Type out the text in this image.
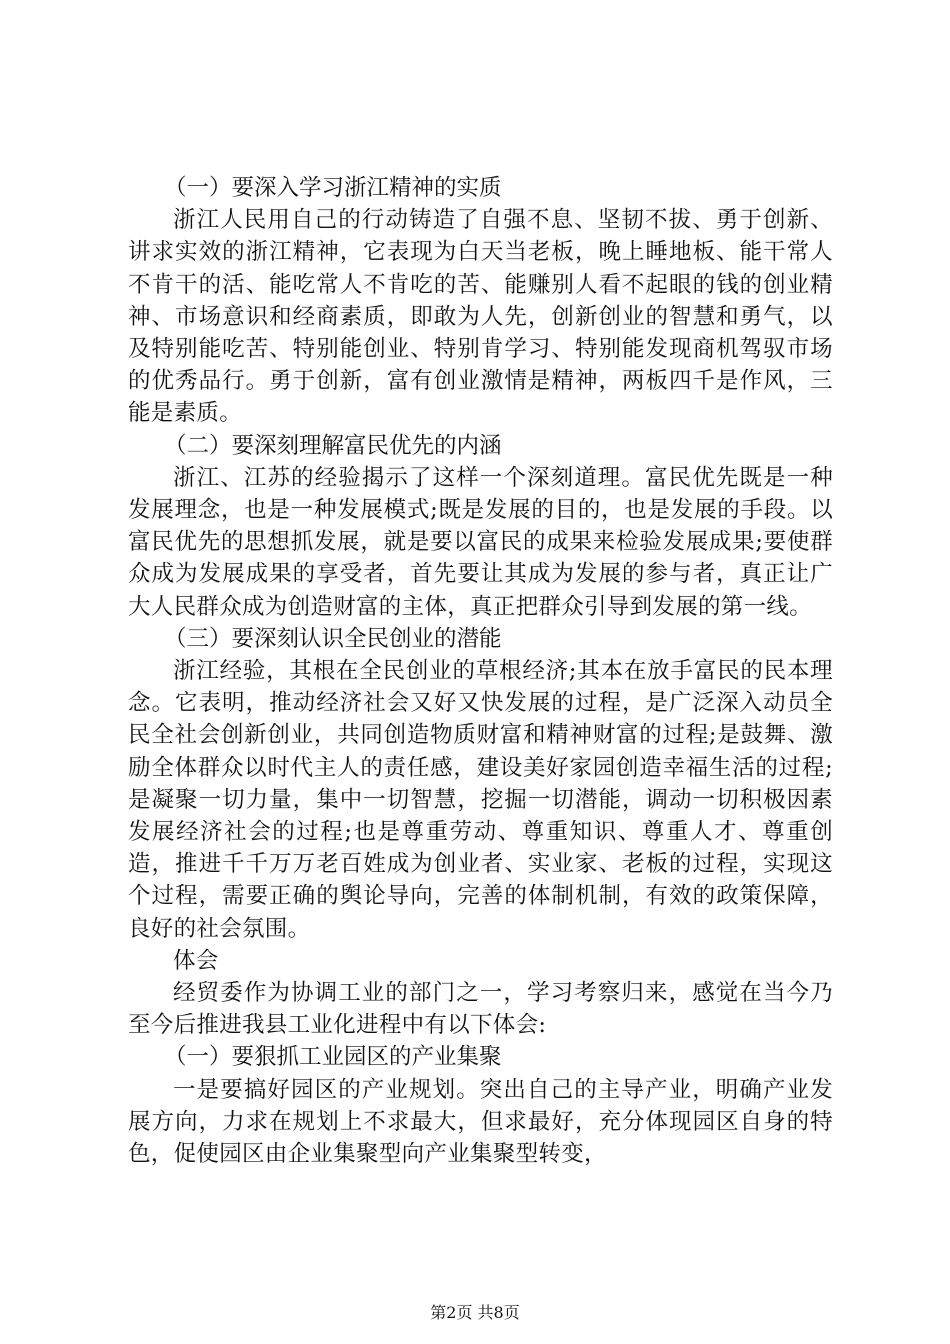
（一）要深入学习浙江精神的实质

浙江人民用自己的行动铸造了自强不息、坚韧不拔、勇于创新、讲求实效的浙江精神，它表现为白天当老板，晚上睡地板、能干常人不肯干的活、能吃常人不肯吃的苦、能赚别人看不起眼的钱的创业精神、市场意识和经商素质，即敢为人先，创新创业的智慧和勇气，以及特别能吃苦、特别能创业、特别肯学习、特别能发现商机驾驭市场的优秀品行。勇于创新，富有创业激情是精神，两板四千是作风，三能是素质。

（二）要深刻理解富民优先的内涵

浙江、江苏的经验揭示了这样一个深刻道理。富民优先既是一种发展理念，也是一种发展模式;既是发展的目的，也是发展的手段。以富民优先的思想抓发展，就是要以富民的成果来检验发展成果;要使群众成为发展成果的享受者，首先要让其成为发展的参与者，真正让广大人民群众成为创造财富的主体，真正把群众引导到发展的第一线。

（三）要深刻认识全民创业的潜能

浙江经验，其根在全民创业的草根经济;其本在放手富民的民本理念。它表明，推动经济社会又好又快发展的过程，是广泛深入动员全民全社会创新创业，共同创造物质财富和精神财富的过程;是鼓舞、激励全体群众以时代主人的责任感，建设美好家园创造幸福生活的过程;是凝聚一切力量，集中一切智慧，挖掘一切潜能，调动一切积极因素发展经济社会的过程;也是尊重劳动、尊重知识、尊重人才、尊重创造，推进千千万万老百姓成为创业者、实业家、老板的过程，实现这个过程，需要正确的舆论导向，完善的体制机制，有效的政策保障，良好的社会氛围。

体会

经贸委作为协调工业的部门之一，学习考察归来，感觉在当今乃至今后推进我县工业化进程中有以下体会:

（一）要狠抓工业园区的产业集聚

一是要搞好园区的产业规划。突出自己的主导产业，明确产业发展方向，力求在规划上不求最大，但求最好，充分体现园区自身的特色，促使园区由企业集聚型向产业集聚型转变，

第2页 共8页
